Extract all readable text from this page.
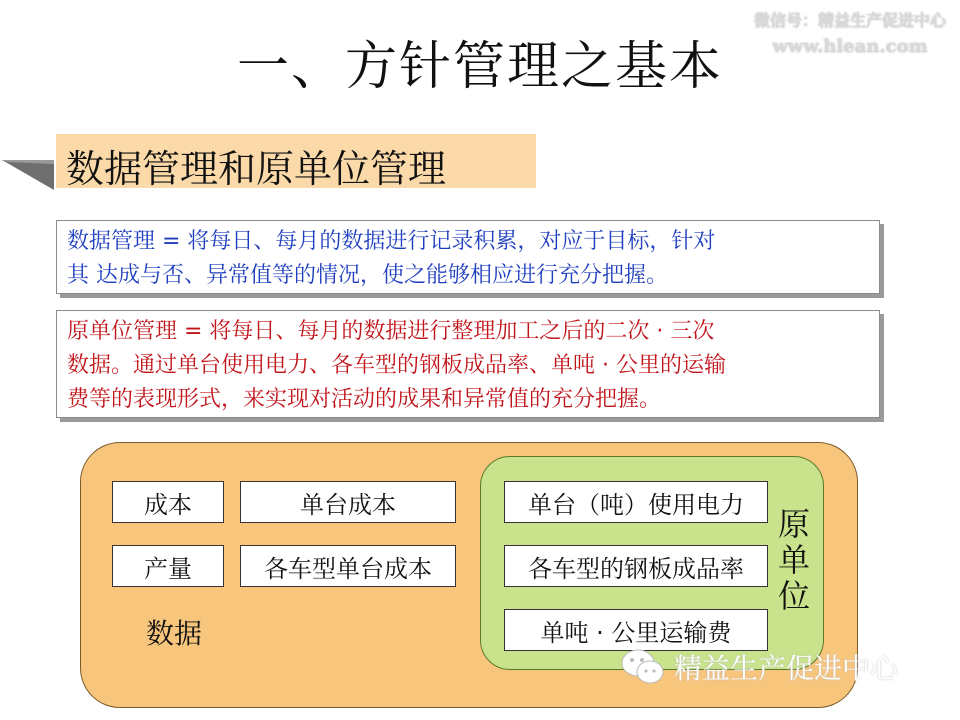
微信号：精益生产促进中心
www.hlean.com
一、方针管理之基本
数据管理和原单位管理
数据管理 = 将每日、每月的数据进行记录积累，对应于目标，针对
其 达成与否、异常值等的情况，使之能够相应进行充分把握。
原单位管理 = 将每日、每月的数据进行整理加工之后的二次 · 三次
数据。通过单台使用电力、各车型的钢板成品率、单吨 · 公里的运输
费等的表现形式，来实现对活动的成果和异常值的充分把握。
成本	单台成本
产量	各车型单台成本
数据
单台（吨）使用电力
各车型的钢板成品率
单吨 · 公里运输费
原
单
位
精益生产促进中心
